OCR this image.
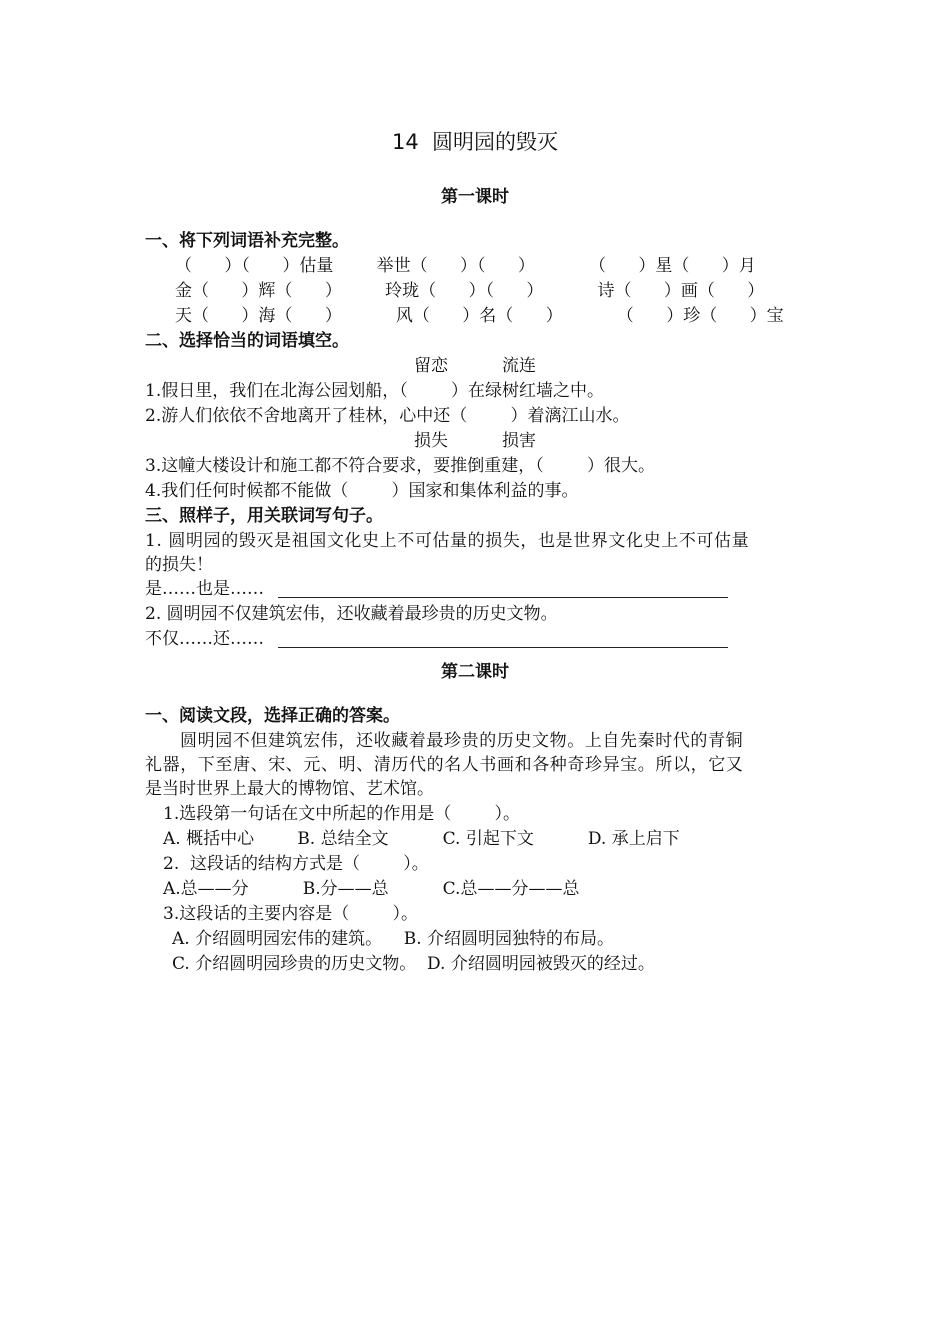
14  圆明园的毁灭
第一课时
一、将下列词语补充完整。
（      ）（      ）估量        举世（      ）（      ）          （      ）星（      ）月
金（      ）辉（      ）        玲珑（      ）（      ）          诗（      ）画（      ）
天（      ）海（      ）          风（      ）名（      ）          （      ）珍（      ）宝
二、选择恰当的词语填空。
留恋          流连
1.假日里，我们在北海公园划船，（        ）在绿树红墙之中。
2.游人们依依不舍地离开了桂林，心中还（        ）着漓江山水。
损失          损害
3.这幢大楼设计和施工都不符合要求，要推倒重建，（        ）很大。
4.我们任何时候都不能做（        ）国家和集体利益的事。
三、照样子，用关联词写句子。
1. 圆明园的毁灭是祖国文化史上不可估量的损失，也是世界文化史上不可估量
的损失！
是……也是……
2. 圆明园不仅建筑宏伟，还收藏着最珍贵的历史文物。
不仅……还……
第二课时
一、阅读文段，选择正确的答案。
圆明园不但建筑宏伟，还收藏着最珍贵的历史文物。上自先秦时代的青铜
礼器，下至唐、宋、元、明、清历代的名人书画和各种奇珍异宝。所以，它又
是当时世界上最大的博物馆、艺术馆。
1.选段第一句话在文中所起的作用是（        ）。
A. 概括中心        B. 总结全文          C. 引起下文          D. 承上启下
2.  这段话的结构方式是（        ）。
A.总——分          B.分——总          C.总——分——总
3.这段话的主要内容是（        ）。
A. 介绍圆明园宏伟的建筑。    B. 介绍圆明园独特的布局。
C. 介绍圆明园珍贵的历史文物。  D. 介绍圆明园被毁灭的经过。
